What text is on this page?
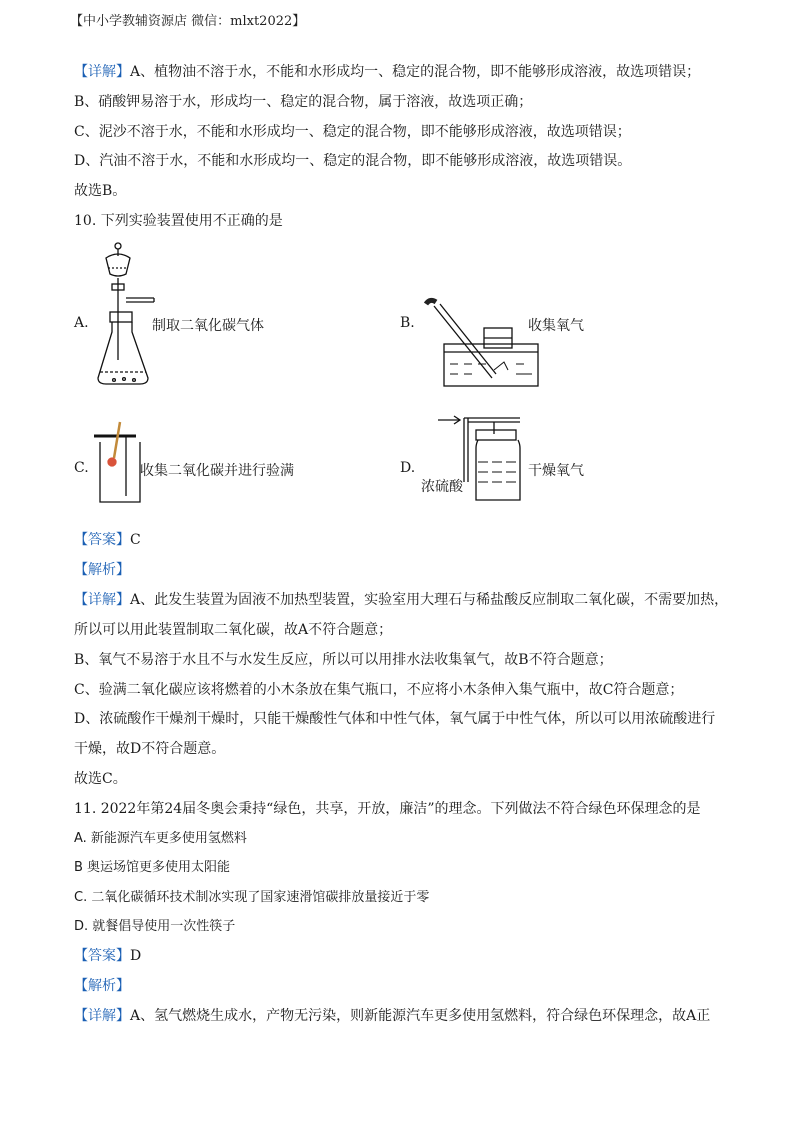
【中小学教辅资源店 微信：mlxt2022】
【详解】A、植物油不溶于水，不能和水形成均一、稳定的混合物，即不能够形成溶液，故选项错误；
B、硝酸钾易溶于水，形成均一、稳定的混合物，属于溶液，故选项正确；
C、泥沙不溶于水，不能和水形成均一、稳定的混合物，即不能够形成溶液，故选项错误；
D、汽油不溶于水，不能和水形成均一、稳定的混合物，即不能够形成溶液，故选项错误。
故选B。
10. 下列实验装置使用不正确的是
A.	制取二氧化碳气体	B.	收集氧气
C.	收集二氧化碳并进行验满	D.
浓硫酸
干燥氧气
【答案】C
【解析】
【详解】A、此发生装置为固液不加热型装置，实验室用大理石与稀盐酸反应制取二氧化碳，不需要加热，
所以可以用此装置制取二氧化碳，故A不符合题意；
B、氧气不易溶于水且不与水发生反应，所以可以用排水法收集氧气，故B不符合题意；
C、验满二氧化碳应该将燃着的小木条放在集气瓶口，不应将小木条伸入集气瓶中，故C符合题意；
D、浓硫酸作干燥剂干燥时，只能干燥酸性气体和中性气体，氧气属于中性气体，所以可以用浓硫酸进行
干燥，故D不符合题意。
故选C。
11. 2022年第24届冬奥会秉持“绿色，共享，开放，廉洁”的理念。下列做法不符合绿色环保理念的是
A. 新能源汽车更多使用氢燃料
B 奥运场馆更多使用太阳能
C. 二氧化碳循环技术制冰实现了国家速滑馆碳排放量接近于零
D. 就餐倡导使用一次性筷子
【答案】D
【解析】
【详解】A、氢气燃烧生成水，产物无污染，则新能源汽车更多使用氢燃料，符合绿色环保理念，故A正
